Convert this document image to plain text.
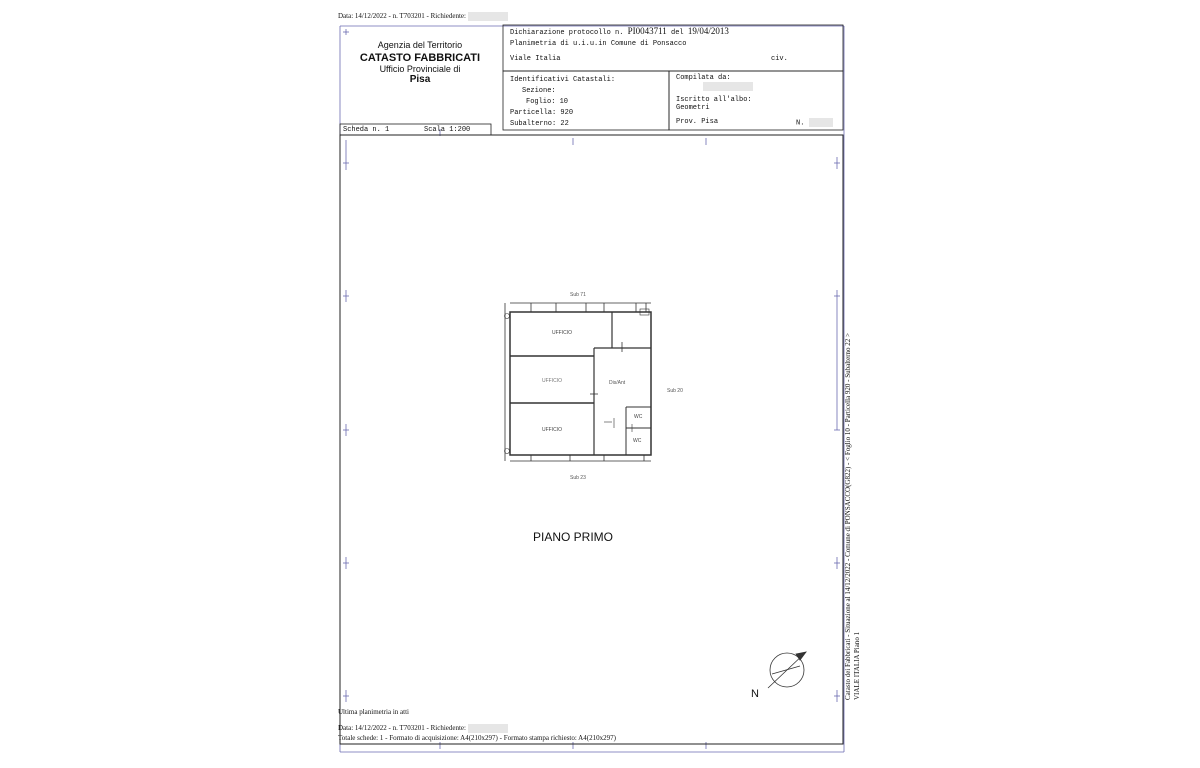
Data: 14/12/2022 - n. T703201 - Richiedente:
Agenzia del Territorio
CATASTO FABBRICATI
Ufficio Provinciale di
Pisa
Dichiarazione protocollo n. PI0043711 del 19/04/2013
Planimetria di u.i.u.in Comune di Ponsacco
Viale Italia	civ.
Identificativi Catastali:
Sezione:
Foglio: 10
Particella: 920
Subalterno: 22
Compilata da:
Iscritto all'albo:
Geometri
Prov. Pisa	N.
Scheda n. 1	Scala 1:200
Sub 71
Sub 20
Sub 23
UFFICIO
UFFICIO
UFFICIO
Dis/Ant
WC
WC
PIANO PRIMO
N	Catasto dei Fabbricati - Situazione al 14/12/2022 - Comune di PONSACCO(G822) - < Foglio 10 - Particella 920 - Subalterno 22 > VIALE ITALIA Piano 1
Ultima planimetria in atti
Data: 14/12/2022 - n. T703201 - Richiedente:
Totale schede: 1 - Formato di acquisizione: A4(210x297) - Formato stampa richiesto: A4(210x297)
